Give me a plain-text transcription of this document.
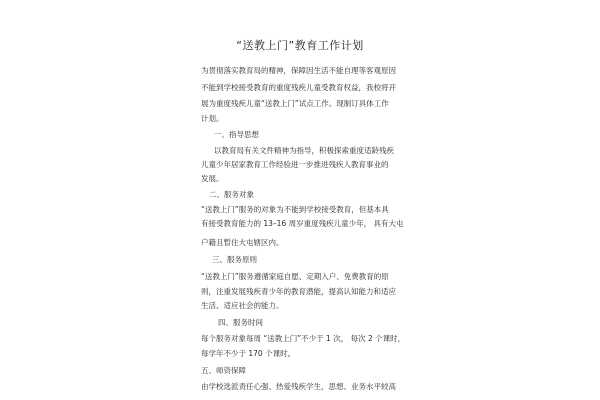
“送教上门”教育工作计划
为贯彻落实教育局的精神，保障因生活不能自理等客观原因
不能到学校接受教育的重度残疾儿童受教育权益，我校将开
展为重度残疾儿童“送教上门”试点工作。现制订具体工作
计划。
一、指导思想
以教育局有关文件精神为指导，积极探索重度适龄残疾
儿童少年居家教育工作经验进一步推进残疾人教育事业的
发展。
二、服务对象
“送教上门”服务的对象为不能到学校接受教育，但基本具
有接受教育能力的 13–16 周岁重度残疾儿童少年， 具有大屯
户籍且暂住大屯辖区内。
三、服务原则
“送教上门”服务遵循家庭自愿、定期入户、免费教育的原
则，注重发展残疾青少年的教育潜能，提高认知能力和适应
生活、适应社会的能力。
四、服务时间
每个服务对象每周 “送教上门”不少于 1 次， 每次 2 个课时，
每学年不少于 170 个课时。
五、师资保障
由学校选派责任心强、热爱残疾学生，思想、业务水平较高
